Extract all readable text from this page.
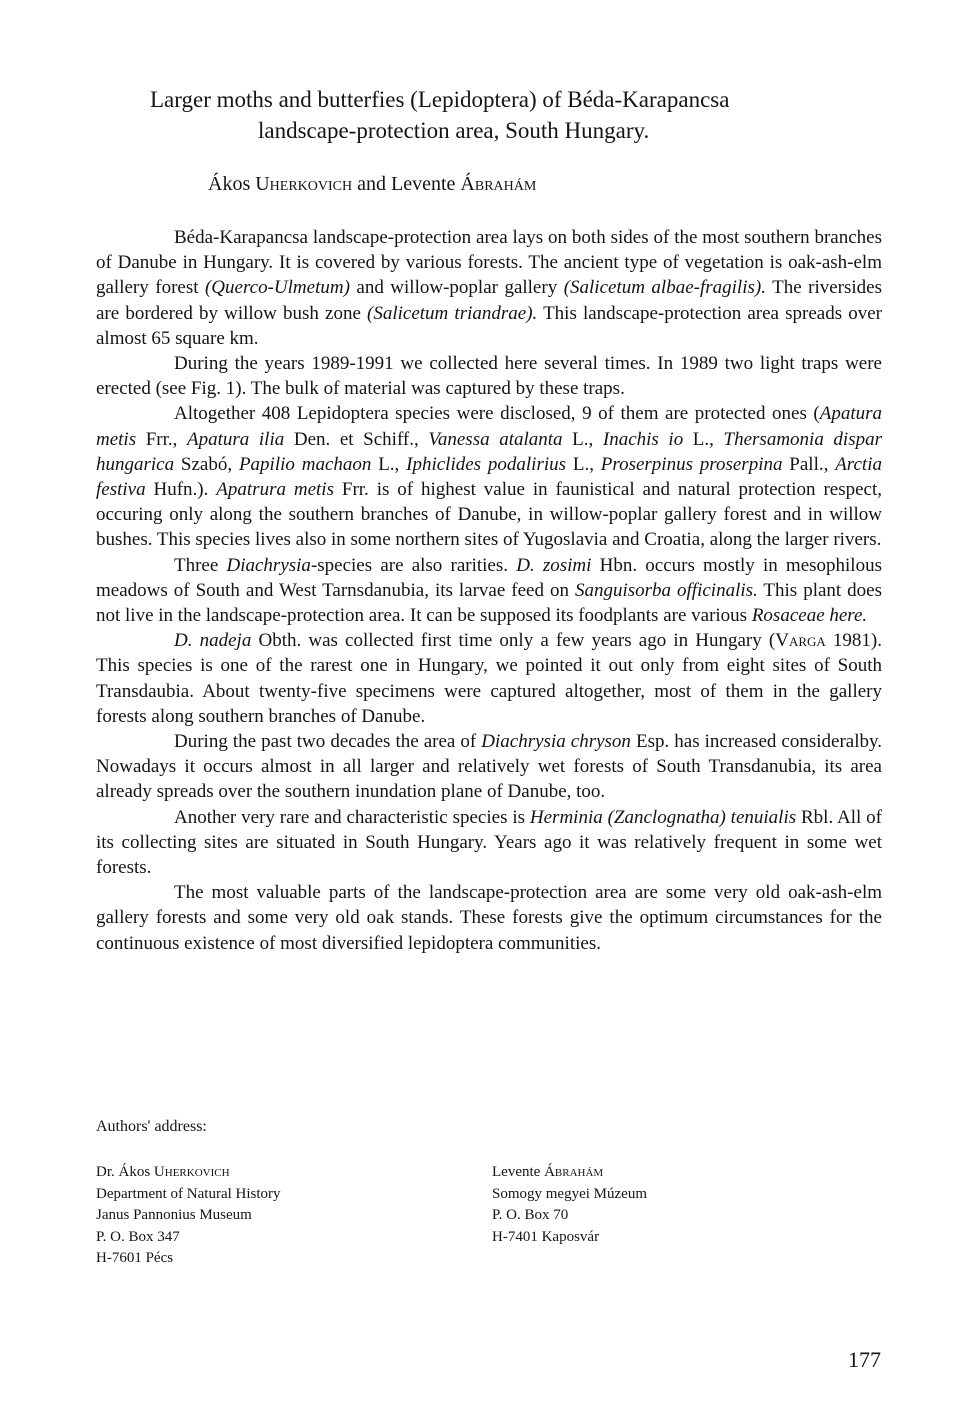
Larger moths and butterfies (Lepidoptera) of Béda-Karapancsa
landscape-protection area, South Hungary.
Ákos Uherkovich and Levente Ábrahám

Béda-Karapancsa landscape-protection area lays on both sides of the most southern branches of Danube in Hungary. It is covered by various forests. The ancient type of vegetation is oak-ash-elm gallery forest (Querco-Ulmetum) and willow-poplar gallery (Salicetum albae-fragilis). The riversides are bordered by willow bush zone (Salicetum triandrae). This landscape-protection area spreads over almost 65 square km.

During the years 1989-1991 we collected here several times. In 1989 two light traps were erected (see Fig. 1). The bulk of material was captured by these traps.

Altogether 408 Lepidoptera species were disclosed, 9 of them are protected ones (Apatura metis Frr., Apatura ilia Den. et Schiff., Vanessa atalanta L., Inachis io L., Thersamonia dispar hungarica Szabó, Papilio machaon L., Iphiclides podalirius L., Proserpinus proserpina Pall., Arctia festiva Hufn.). Apatrura metis Frr. is of highest value in faunistical and natural protection respect, occuring only along the southern branches of Danube, in willow-poplar gallery forest and in willow bushes. This species lives also in some northern sites of Yugoslavia and Croatia, along the larger rivers.

Three Diachrysia-species are also rarities. D. zosimi Hbn. occurs mostly in mesophilous meadows of South and West Tarnsdanubia, its larvae feed on Sanguisorba officinalis. This plant does not live in the landscape-protection area. It can be supposed its foodplants are various Rosaceae here.

D. nadeja Obth. was collected first time only a few years ago in Hungary (Varga 1981). This species is one of the rarest one in Hungary, we pointed it out only from eight sites of South Transdaubia. About twenty-five specimens were captured altogether, most of them in the gallery forests along southern branches of Danube.

During the past two decades the area of Diachrysia chryson Esp. has increased consideralby. Nowadays it occurs almost in all larger and relatively wet forests of South Transdanubia, its area already spreads over the southern inundation plane of Danube, too.

Another very rare and characteristic species is Herminia (Zanclognatha) tenuialis Rbl. All of its collecting sites are situated in South Hungary. Years ago it was relatively frequent in some wet forests.

The most valuable parts of the landscape-protection area are some very old oak-ash-elm gallery forests and some very old oak stands. These forests give the optimum circumstances for the continuous existence of most diversified lepidoptera communities.

Authors' address:
Dr. Ákos Uherkovich
Department of Natural History
Janus Pannonius Museum
P. O. Box 347
H-7601 Pécs
Levente Ábrahám
Somogy megyei Múzeum
P. O. Box 70
H-7401 Kaposvár
177
